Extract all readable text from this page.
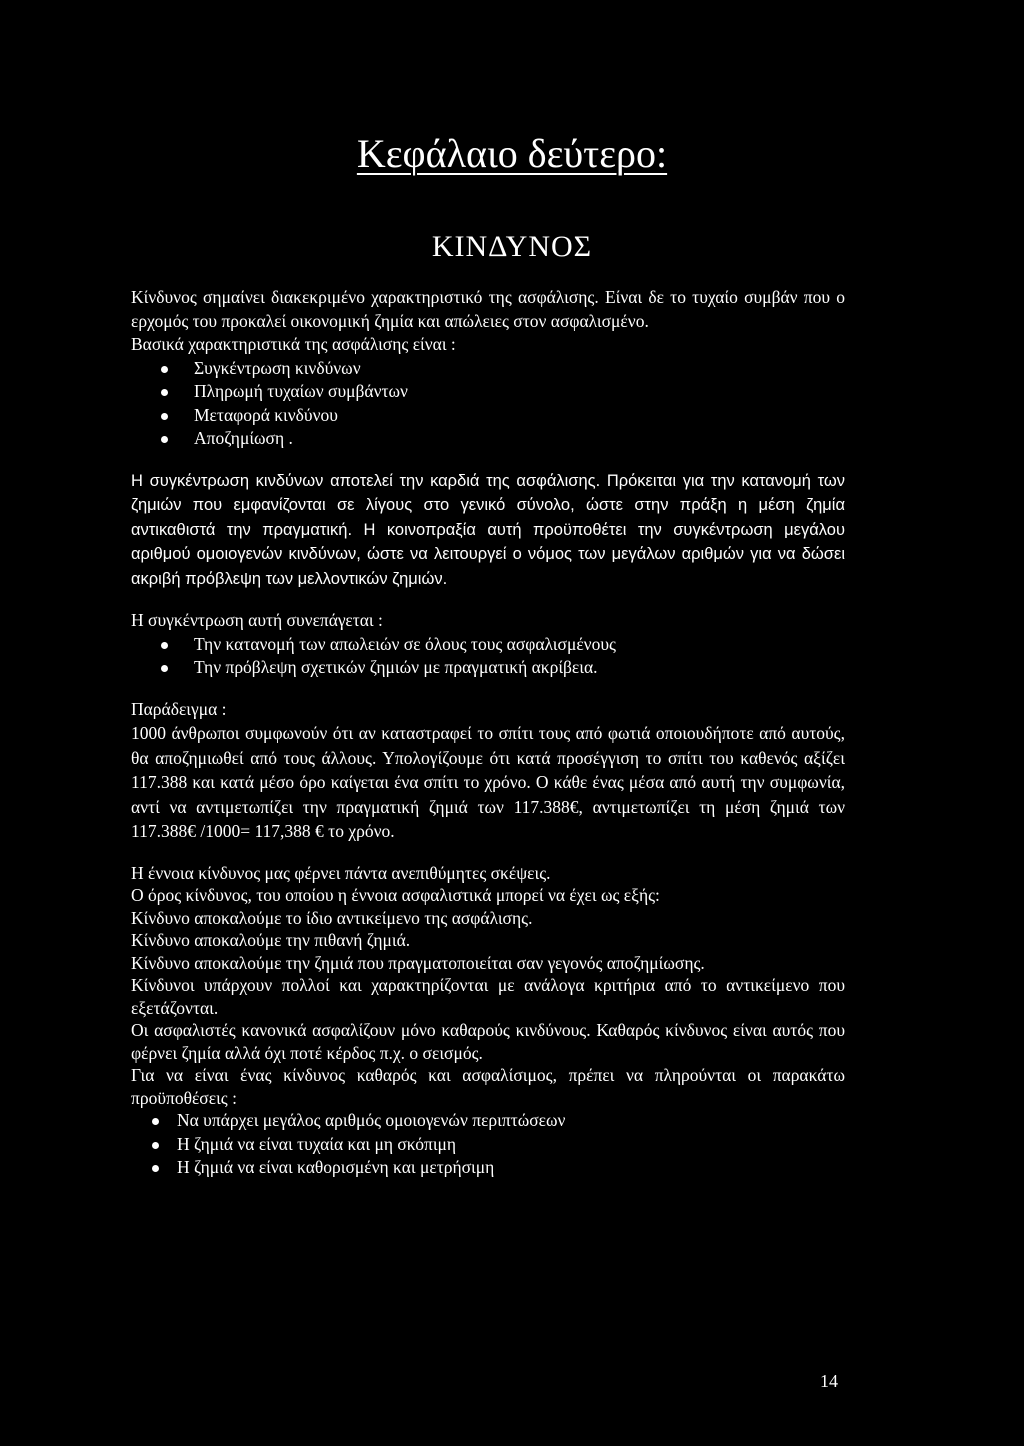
Κεφάλαιο δεύτερο:
ΚΙΝΔΥΝΟΣ

Κίνδυνος σημαίνει διακεκριμένο χαρακτηριστικό της ασφάλισης. Είναι δε το τυχαίο συμβάν που ο ερχομός του προκαλεί οικονομική ζημία και απώλειες στον ασφαλισμένο.

Βασικά χαρακτηριστικά της ασφάλισης είναι :

Συγκέντρωση κινδύνων
Πληρωμή τυχαίων συμβάντων
Μεταφορά κινδύνου
Αποζημίωση .

Η συγκέντρωση κινδύνων αποτελεί την καρδιά της ασφάλισης. Πρόκειται για την κατανομή των ζημιών που εμφανίζονται σε λίγους στο γενικό σύνολο, ώστε στην πράξη η μέση ζημία αντικαθιστά την πραγματική. Η κοινοπραξία αυτή προϋποθέτει την συγκέντρωση μεγάλου αριθμού ομοιογενών κινδύνων, ώστε να λειτουργεί ο νόμος των μεγάλων αριθμών για να δώσει ακριβή πρόβλεψη των μελλοντικών ζημιών.

Η συγκέντρωση αυτή συνεπάγεται :

Την κατανομή των απωλειών σε όλους τους ασφαλισμένους
Την πρόβλεψη σχετικών ζημιών με πραγματική ακρίβεια.

Παράδειγμα :

1000 άνθρωποι συμφωνούν ότι αν καταστραφεί το σπίτι τους από φωτιά οποιουδήποτε από αυτούς, θα αποζημιωθεί από τους άλλους. Υπολογίζουμε ότι κατά προσέγγιση το σπίτι του καθενός αξίζει 117.388 και κατά μέσο όρο καίγεται ένα σπίτι το χρόνο. Ο κάθε ένας μέσα από αυτή την συμφωνία, αντί να αντιμετωπίζει την πραγματική ζημιά των 117.388€, αντιμετωπίζει τη μέση ζημιά των 117.388€ /1000= 117,388 € το χρόνο.

Η έννοια κίνδυνος μας φέρνει πάντα ανεπιθύμητες σκέψεις.

Ο όρος κίνδυνος, του οποίου η έννοια ασφαλιστικά μπορεί να έχει ως εξής:

Κίνδυνο αποκαλούμε το ίδιο αντικείμενο της ασφάλισης.

Κίνδυνο αποκαλούμε την πιθανή ζημιά.

Κίνδυνο αποκαλούμε την ζημιά που πραγματοποιείται σαν γεγονός αποζημίωσης.

Κίνδυνοι υπάρχουν πολλοί και χαρακτηρίζονται με ανάλογα κριτήρια από το αντικείμενο που εξετάζονται.

Οι ασφαλιστές κανονικά ασφαλίζουν μόνο καθαρούς κινδύνους. Καθαρός κίνδυνος είναι αυτός που φέρνει ζημία αλλά όχι ποτέ κέρδος π.χ. ο σεισμός.

Για να είναι ένας κίνδυνος καθαρός και ασφαλίσιμος, πρέπει να πληρούνται οι παρακάτω προϋποθέσεις :

Να υπάρχει μεγάλος αριθμός ομοιογενών περιπτώσεων
Η ζημιά να είναι τυχαία και μη σκόπιμη
Η ζημιά να είναι καθορισμένη και μετρήσιμη
14
